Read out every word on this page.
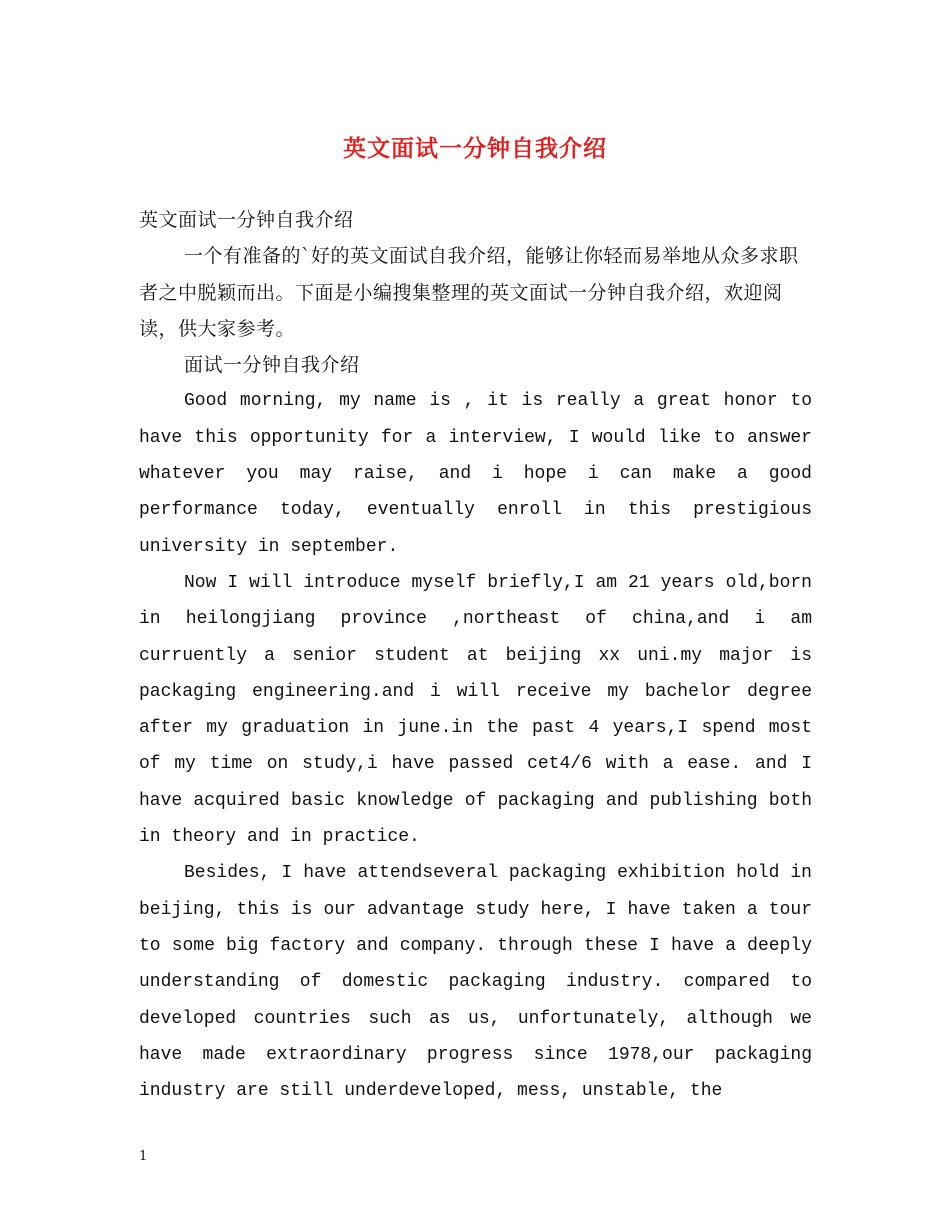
英文面试一分钟自我介绍

英文面试一分钟自我介绍

一个有准备的`好的英文面试自我介绍，能够让你轻而易举地从众多求职者之中脱颖而出。下面是小编搜集整理的英文面试一分钟自我介绍，欢迎阅读，供大家参考。

面试一分钟自我介绍

Good morning, my name is , it is really a great honor to have this opportunity for a interview, I would like to answer whatever you may raise, and i hope i can make a good performance today, eventually enroll in this prestigious university in september.

Now I will introduce myself briefly,I am 21 years old,born in heilongjiang province ,northeast of china,and i am curruently a senior student at beijing xx uni.my major is packaging engineering.and i will receive my bachelor degree after my graduation in june.in the past 4 years,I spend most of my time on study,i have passed cet4/6 with a ease. and I have acquired basic knowledge of packaging and publishing both in theory and in practice.

Besides, I have attendseveral packaging exhibition hold in beijing, this is our advantage study here, I have taken a tour to some big factory and company. through these I have a deeply understanding of domestic packaging industry. compared to developed countries such as us, unfortunately, although we have made extraordinary progress since 1978,our packaging industry are still underdeveloped, mess, unstable, the

1
